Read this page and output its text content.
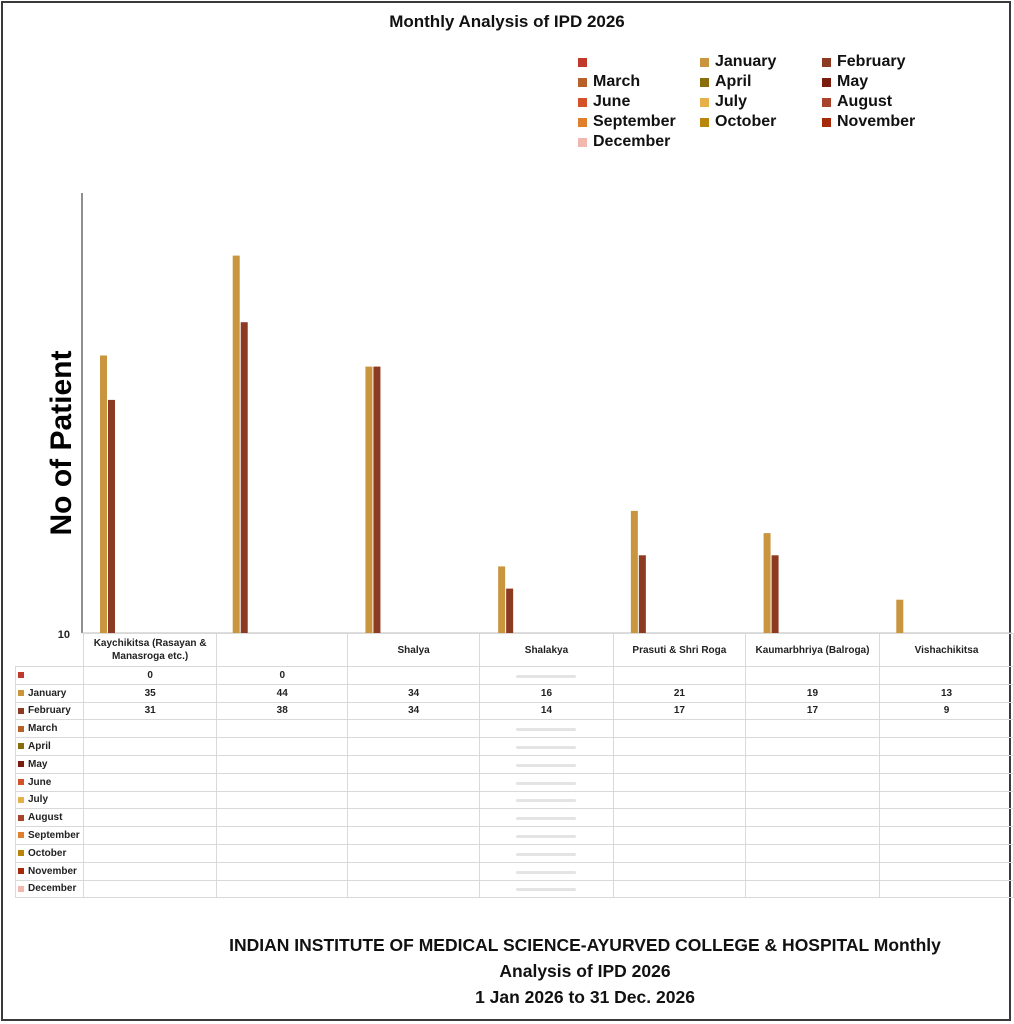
Monthly Analysis of IPD 2026
January	February
March	April	May
June	July	August
September October	November
December
10
No of Patient
	Kaychikitsa (Rasayan & Manasroga etc.)		Shalya	Shalakya	Prasuti & Shri Roga	Kaumarbhriya (Balroga)	Vishachikitsa
	0	0					
January	35	44	34	16	21	19	13
February	31	38	34	14	17	17	9
March							
April							
May							
June							
July							
August							
September							
October							
November							
December							
INDIAN INSTITUTE OF MEDICAL SCIENCE-AYURVED COLLEGE & HOSPITAL Monthly
Analysis of IPD 2026
1 Jan 2026 to 31 Dec. 2026
